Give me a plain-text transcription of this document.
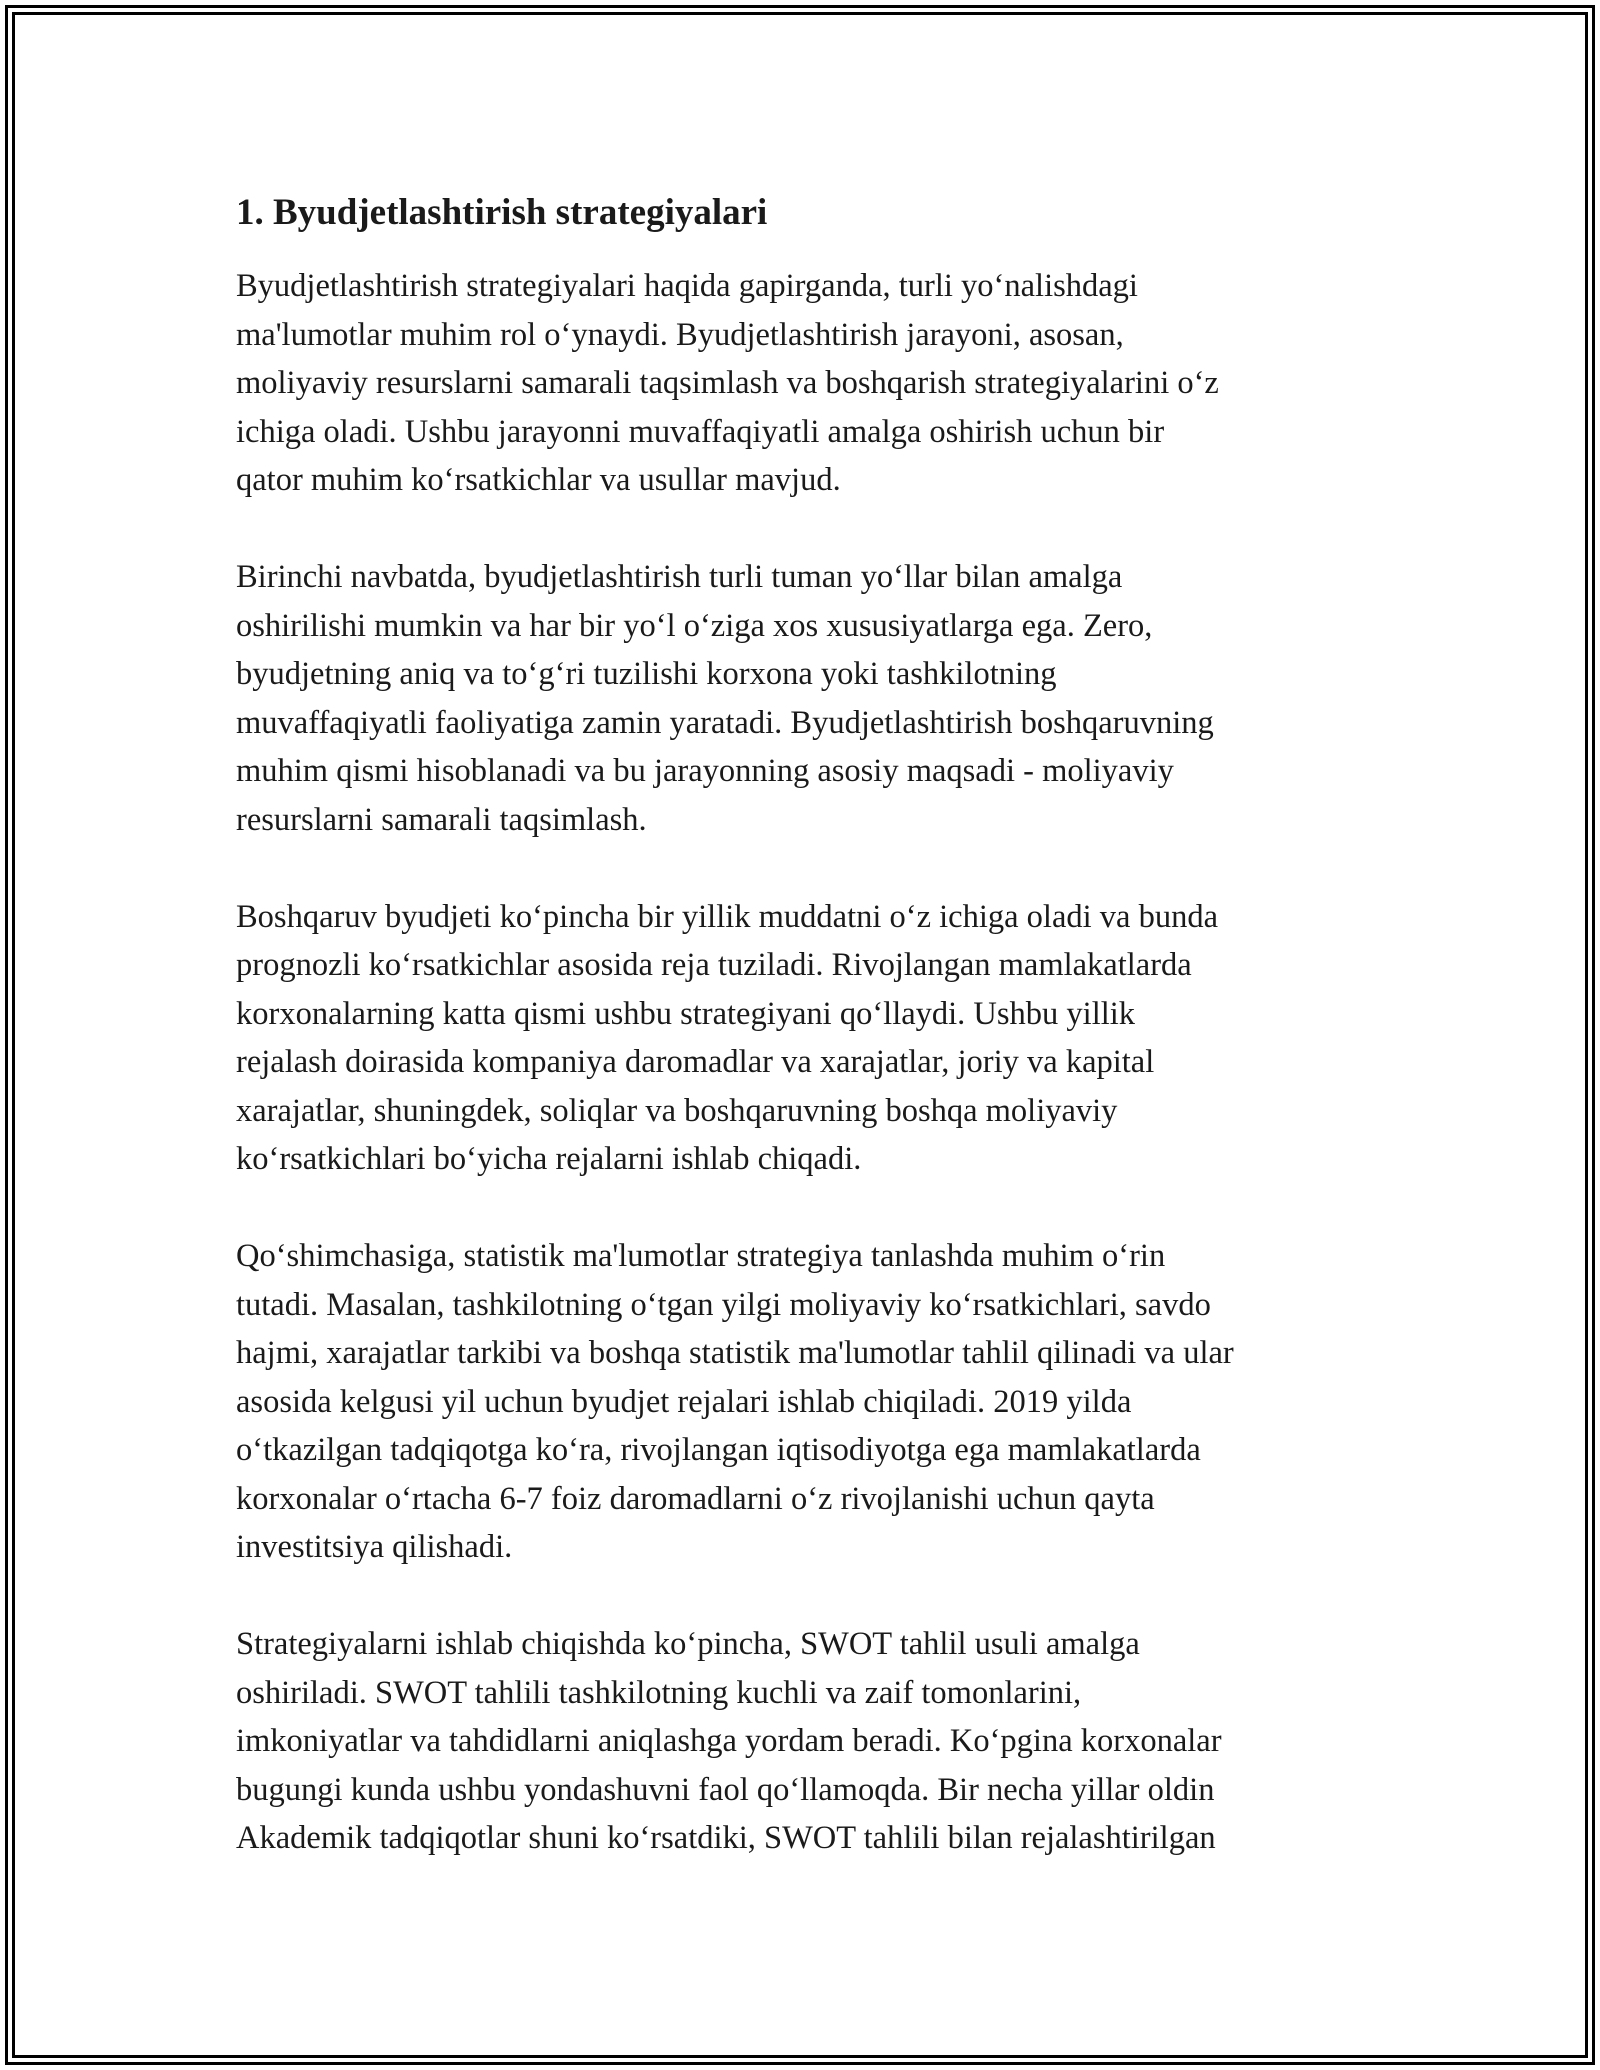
1. Byudjetlashtirish strategiyalari

Byudjetlashtirish strategiyalari haqida gapirganda, turli yo‘nalishdagi
ma'lumotlar muhim rol o‘ynaydi. Byudjetlashtirish jarayoni, asosan,
moliyaviy resurslarni samarali taqsimlash va boshqarish strategiyalarini o‘z
ichiga oladi. Ushbu jarayonni muvaffaqiyatli amalga oshirish uchun bir
qator muhim ko‘rsatkichlar va usullar mavjud.

Birinchi navbatda, byudjetlashtirish turli tuman yo‘llar bilan amalga
oshirilishi mumkin va har bir yo‘l o‘ziga xos xususiyatlarga ega. Zero,
byudjetning aniq va to‘g‘ri tuzilishi korxona yoki tashkilotning
muvaffaqiyatli faoliyatiga zamin yaratadi. Byudjetlashtirish boshqaruvning
muhim qismi hisoblanadi va bu jarayonning asosiy maqsadi - moliyaviy
resurslarni samarali taqsimlash.

Boshqaruv byudjeti ko‘pincha bir yillik muddatni o‘z ichiga oladi va bunda
prognozli ko‘rsatkichlar asosida reja tuziladi. Rivojlangan mamlakatlarda
korxonalarning katta qismi ushbu strategiyani qo‘llaydi. Ushbu yillik
rejalash doirasida kompaniya daromadlar va xarajatlar, joriy va kapital
xarajatlar, shuningdek, soliqlar va boshqaruvning boshqa moliyaviy
ko‘rsatkichlari bo‘yicha rejalarni ishlab chiqadi.

Qo‘shimchasiga, statistik ma'lumotlar strategiya tanlashda muhim o‘rin
tutadi. Masalan, tashkilotning o‘tgan yilgi moliyaviy ko‘rsatkichlari, savdo
hajmi, xarajatlar tarkibi va boshqa statistik ma'lumotlar tahlil qilinadi va ular
asosida kelgusi yil uchun byudjet rejalari ishlab chiqiladi. 2019 yilda
o‘tkazilgan tadqiqotga ko‘ra, rivojlangan iqtisodiyotga ega mamlakatlarda
korxonalar o‘rtacha 6-7 foiz daromadlarni o‘z rivojlanishi uchun qayta
investitsiya qilishadi.

Strategiyalarni ishlab chiqishda ko‘pincha, SWOT tahlil usuli amalga
oshiriladi. SWOT tahlili tashkilotning kuchli va zaif tomonlarini,
imkoniyatlar va tahdidlarni aniqlashga yordam beradi. Ko‘pgina korxonalar
bugungi kunda ushbu yondashuvni faol qo‘llamoqda. Bir necha yillar oldin
Akademik tadqiqotlar shuni ko‘rsatdiki, SWOT tahlili bilan rejalashtirilgan
